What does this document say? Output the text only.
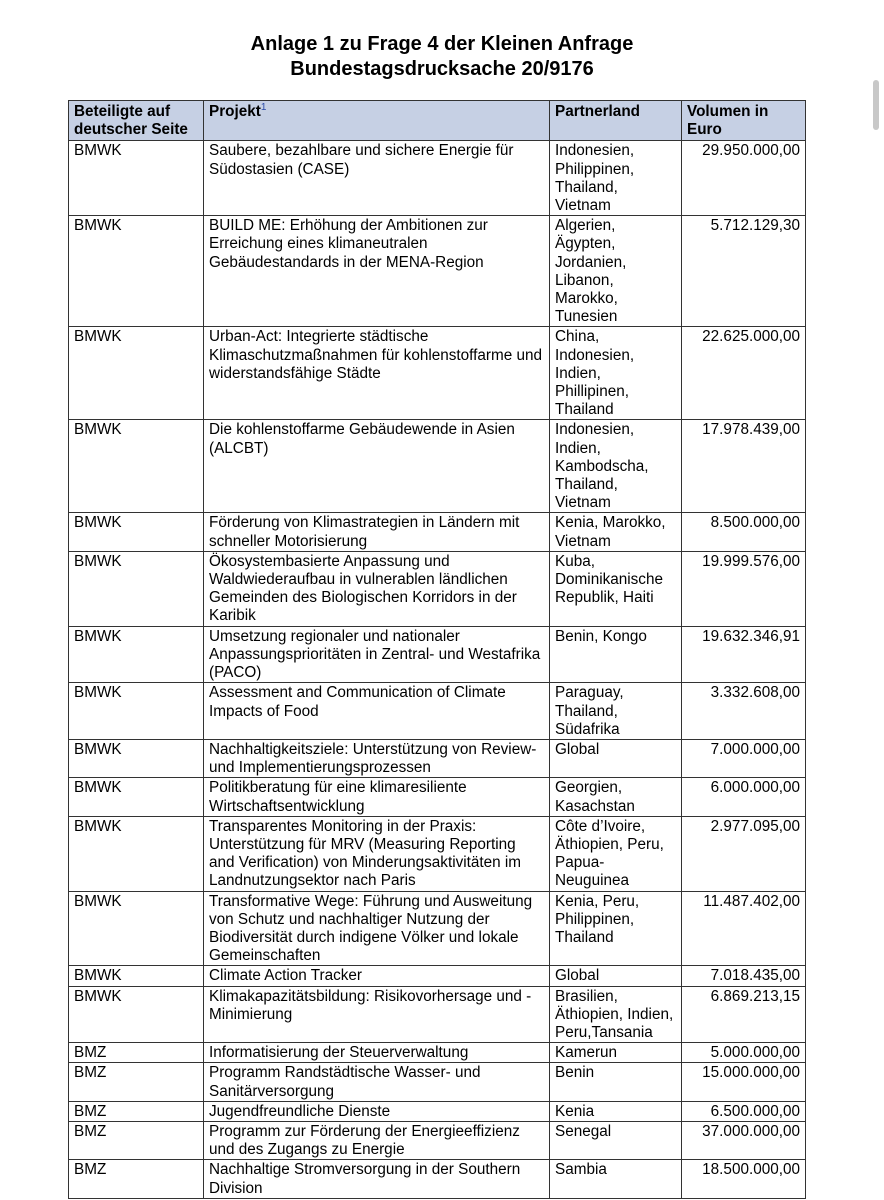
Anlage 1 zu Frage 4 der Kleinen Anfrage
Bundestagsdrucksache 20/9176
Beteiligte auf deutscher Seite	Projekt$^1$	Partnerland	Volumen in Euro
BMWK	Saubere, bezahlbare und sichere Energie für Südostasien (CASE)	Indonesien, Philippinen, Thailand, Vietnam	29.950.000,00
BMWK	BUILD ME: Erhöhung der Ambitionen zur Erreichung eines klimaneutralen Gebäudestandards in der MENA-Region	Algerien, Ägypten, Jordanien, Libanon, Marokko, Tunesien	5.712.129,30
BMWK	Urban-Act: Integrierte städtische Klimaschutzmaßnahmen für kohlenstoffarme und widerstandsfähige Städte	China, Indonesien, Indien, Phillipinen, Thailand	22.625.000,00
BMWK	Die kohlenstoffarme Gebäudewende in Asien (ALCBT)	Indonesien, Indien, Kambodscha, Thailand, Vietnam	17.978.439,00
BMWK	Förderung von Klimastrategien in Ländern mit schneller Motorisierung	Kenia, Marokko, Vietnam	8.500.000,00
BMWK	Ökosystembasierte Anpassung und Waldwiederaufbau in vulnerablen ländlichen Gemeinden des Biologischen Korridors in der Karibik	Kuba, Dominikanische Republik, Haiti	19.999.576,00
BMWK	Umsetzung regionaler und nationaler Anpassungsprioritäten in Zentral- und Westafrika (PACO)	Benin, Kongo	19.632.346,91
BMWK	Assessment and Communication of Climate Impacts of Food	Paraguay, Thailand, Südafrika	3.332.608,00
BMWK	Nachhaltigkeitsziele: Unterstützung von Review- und Implementierungsprozessen	Global	7.000.000,00
BMWK	Politikberatung für eine klimaresiliente Wirtschaftsentwicklung	Georgien, Kasachstan	6.000.000,00
BMWK	Transparentes Monitoring in der Praxis: Unterstützung für MRV (Measuring Reporting and Verification) von Minderungsaktivitäten im Landnutzungsektor nach Paris	Côte d’Ivoire, Äthiopien, Peru, Papua-Neuguinea	2.977.095,00
BMWK	Transformative Wege: Führung und Ausweitung von Schutz und nachhaltiger Nutzung der Biodiversität durch indigene Völker und lokale Gemeinschaften	Kenia, Peru, Philippinen, Thailand	11.487.402,00
BMWK	Climate Action Tracker	Global	7.018.435,00
BMWK	Klimakapazitätsbildung: Risikovorhersage und -Minimierung	Brasilien, Äthiopien, Indien, Peru,Tansania	6.869.213,15
BMZ	Informatisierung der Steuerverwaltung	Kamerun	5.000.000,00
BMZ	Programm Randstädtische Wasser- und Sanitärversorgung	Benin	15.000.000,00
BMZ	Jugendfreundliche Dienste	Kenia	6.500.000,00
BMZ	Programm zur Förderung der Energieeffizienz und des Zugangs zu Energie	Senegal	37.000.000,00
BMZ	Nachhaltige Stromversorgung in der Southern Division	Sambia	18.500.000,00
